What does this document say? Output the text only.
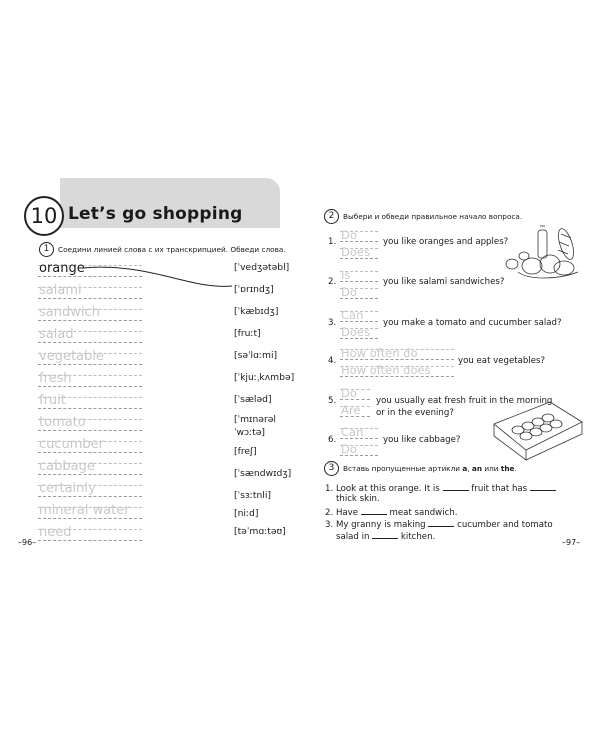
10 Let’s go shopping
1	Соедини линией слова с их транскрипцией. Обведи слова.
orange
salami
sandwich
salad
vegetable
fresh
fruit
tomato
cucumber
cabbage
certainly
mineral water
need
[ˈvedʒətəbl]
[ˈɒrɪndʒ]
[ˈkæbɪdʒ]
[fruːt]
[səˈlɑːmi]
[ˈkjuːˌkʌmbə]
[ˈsæləd]
[ˈmɪnərəl
ˈwɔːtə]
[freʃ]
[ˈsændwɪdʒ]
[ˈsɜːtnli]
[niːd]
[təˈmɑːtəʊ]
–96–
2	Выбери и обведи правильное начало вопроса.
1. Do
Does
you like oranges and apples?
2. Is
Do
you like salami sandwiches?
3.
Can
Does
you make a tomato and cucumber salad?
4.
How often do
How often does
you eat vegetables?
5.
Do
Are
you usually eat fresh fruit in the morning
or in the evening?
6.
Can
Do
you like cabbage?
3	Вставь пропущенные артикли a, an или the.
1. Look at this orange. It is	fruit that has
thick skin.
2. Have	meat sandwich.
3. My granny is making	cucumber and tomato
salad in	kitchen.
–97–
